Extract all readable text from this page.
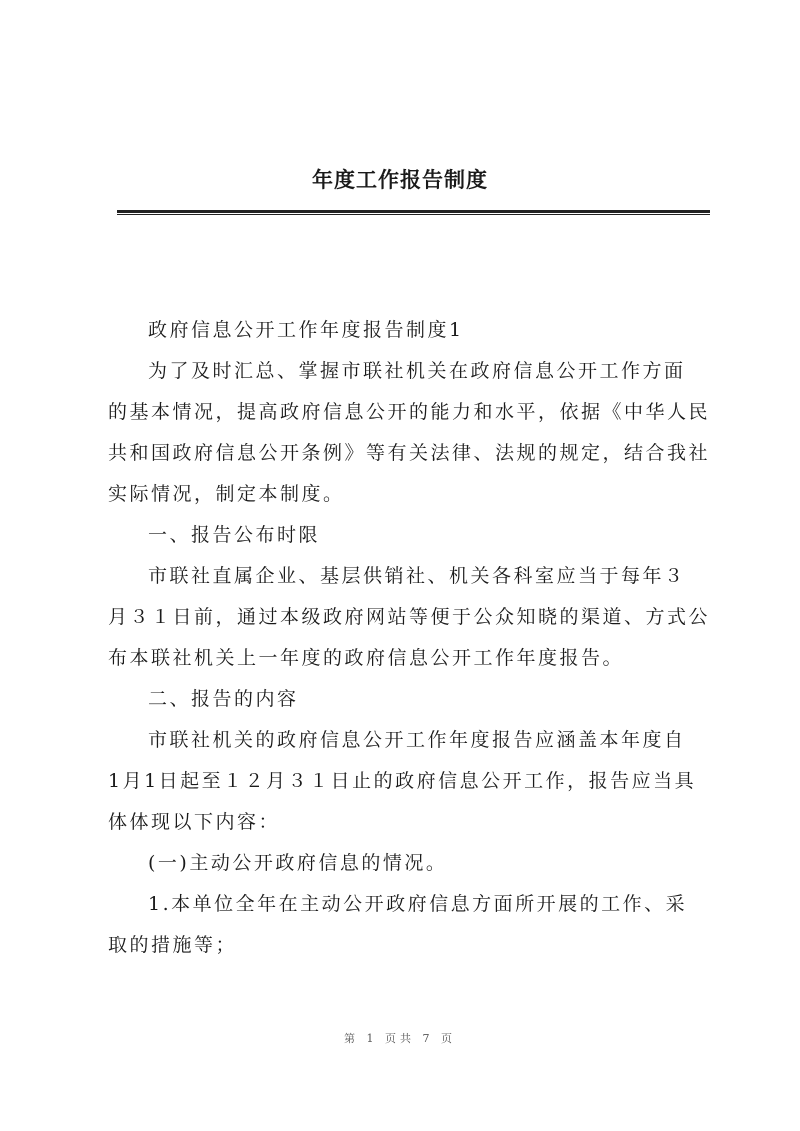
年度工作报告制度
政府信息公开工作年度报告制度1
为了及时汇总、掌握市联社机关在政府信息公开工作方面
的基本情况，提高政府信息公开的能力和水平，依据《中华人民
共和国政府信息公开条例》等有关法律、法规的规定，结合我社
实际情况，制定本制度。
一、报告公布时限
市联社直属企业、基层供销社、机关各科室应当于每年３
月３１日前，通过本级政府网站等便于公众知晓的渠道、方式公
布本联社机关上一年度的政府信息公开工作年度报告。
二、报告的内容
市联社机关的政府信息公开工作年度报告应涵盖本年度自
1月1日起至１２月３１日止的政府信息公开工作，报告应当具
体体现以下内容：
(一)主动公开政府信息的情况。
1.本单位全年在主动公开政府信息方面所开展的工作、采
取的措施等；
第 1 页共 7 页
